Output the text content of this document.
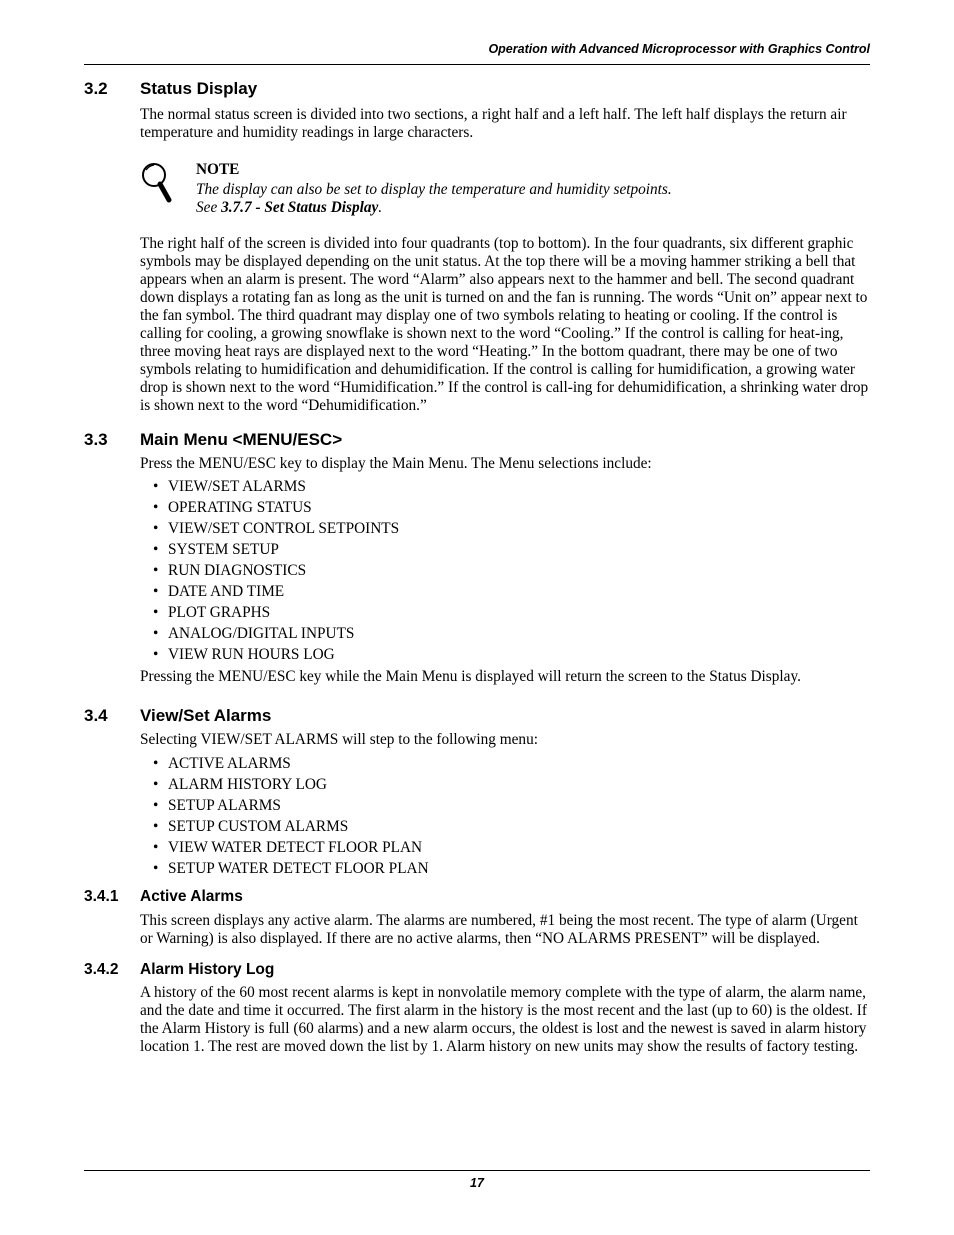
Operation with Advanced Microprocessor with Graphics Control
3.2	Status Display

The normal status screen is divided into two sections, a right half and a left half. The left half displays the return air temperature and humidity readings in large characters.

NOTE
The display can also be set to display the temperature and humidity setpoints.
See 3.7.7 - Set Status Display.

The right half of the screen is divided into four quadrants (top to bottom). In the four quadrants, six different graphic symbols may be displayed depending on the unit status. At the top there will be a moving hammer striking a bell that appears when an alarm is present. The word “Alarm” also appears next to the hammer and bell. The second quadrant down displays a rotating fan as long as the unit is turned on and the fan is running. The words “Unit on” appear next to the fan symbol. The third quadrant may display one of two symbols relating to heating or cooling. If the control is calling for cooling, a growing snowflake is shown next to the word “Cooling.” If the control is calling for heat-ing, three moving heat rays are displayed next to the word “Heating.” In the bottom quadrant, there may be one of two symbols relating to humidification and dehumidification. If the control is calling for humidification, a growing water drop is shown next to the word “Humidification.” If the control is call-ing for dehumidification, a shrinking water drop is shown next to the word “Dehumidification.”

3.3	Main Menu <MENU/ESC>

Press the MENU/ESC key to display the Main Menu. The Menu selections include:

• VIEW/SET ALARMS
• OPERATING STATUS
• VIEW/SET CONTROL SETPOINTS
• SYSTEM SETUP
• RUN DIAGNOSTICS
• DATE AND TIME
• PLOT GRAPHS
• ANALOG/DIGITAL INPUTS
• VIEW RUN HOURS LOG

Pressing the MENU/ESC key while the Main Menu is displayed will return the screen to the Status Display.

3.4	View/Set Alarms

Selecting VIEW/SET ALARMS will step to the following menu:

• ACTIVE ALARMS
• ALARM HISTORY LOG
• SETUP ALARMS
• SETUP CUSTOM ALARMS
• VIEW WATER DETECT FLOOR PLAN
• SETUP WATER DETECT FLOOR PLAN
3.4.1	Active Alarms

This screen displays any active alarm. The alarms are numbered, #1 being the most recent. The type of alarm (Urgent or Warning) is also displayed. If there are no active alarms, then “NO ALARMS PRESENT” will be displayed.

3.4.2	Alarm History Log

A history of the 60 most recent alarms is kept in nonvolatile memory complete with the type of alarm, the alarm name, and the date and time it occurred. The first alarm in the history is the most recent and the last (up to 60) is the oldest. If the Alarm History is full (60 alarms) and a new alarm occurs, the oldest is lost and the newest is saved in alarm history location 1. The rest are moved down the list by 1. Alarm history on new units may show the results of factory testing.

17
